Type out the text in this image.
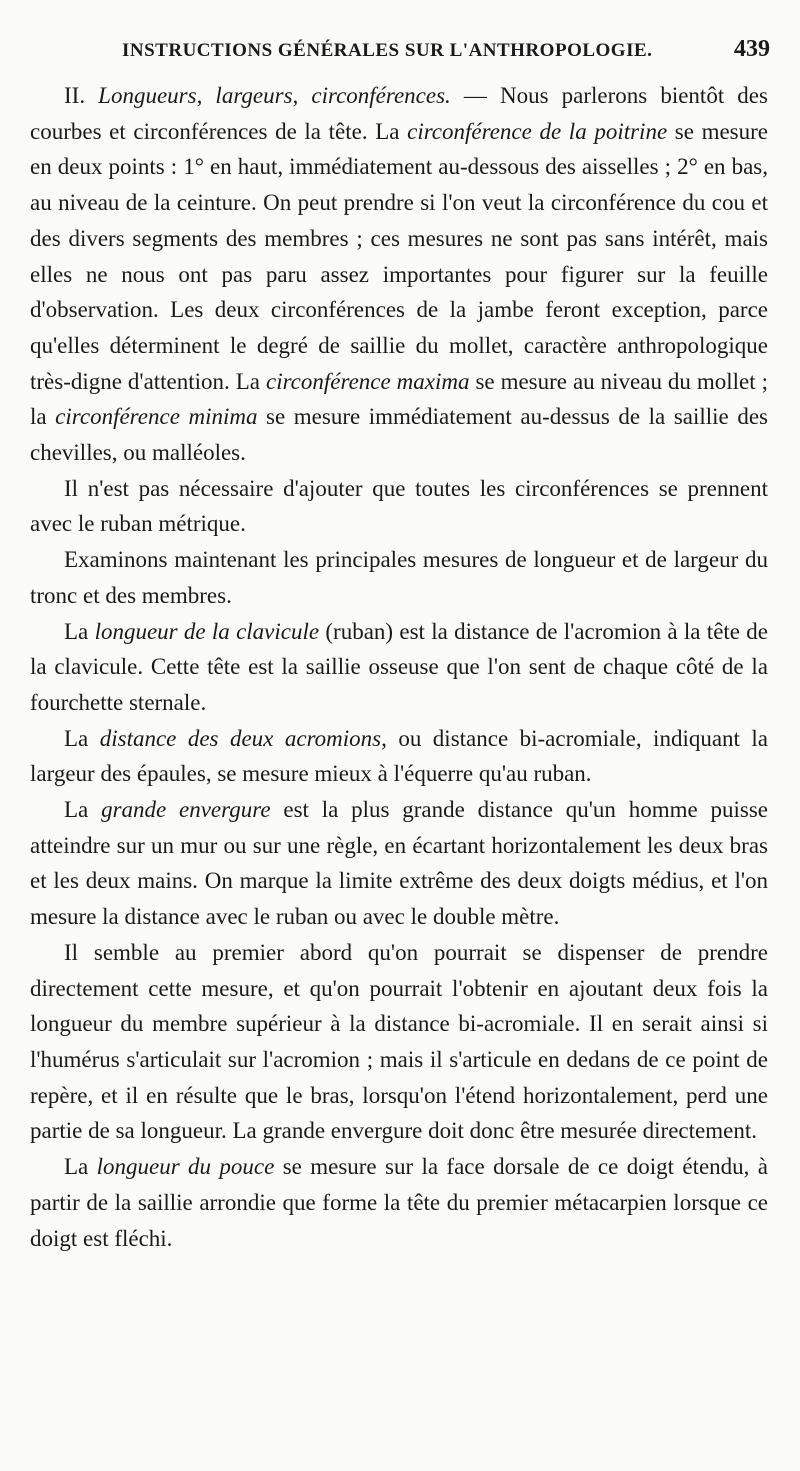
INSTRUCTIONS GÉNÉRALES SUR L'ANTHROPOLOGIE.	439

II. Longueurs, largeurs, circonférences. — Nous parlerons bientôt des courbes et circonférences de la tête. La circonférence de la poitrine se mesure en deux points : 1° en haut, immédiatement au-dessous des aisselles ; 2° en bas, au niveau de la ceinture. On peut prendre si l'on veut la circonférence du cou et des divers segments des membres ; ces mesures ne sont pas sans intérêt, mais elles ne nous ont pas paru assez importantes pour figurer sur la feuille d'observation. Les deux circonférences de la jambe feront exception, parce qu'elles déterminent le degré de saillie du mollet, caractère anthropologique très-digne d'attention. La circonférence maxima se mesure au niveau du mollet ; la circonférence minima se mesure immédiatement au-dessus de la saillie des chevilles, ou malléoles.

Il n'est pas nécessaire d'ajouter que toutes les circonférences se prennent avec le ruban métrique.

Examinons maintenant les principales mesures de longueur et de largeur du tronc et des membres.

La longueur de la clavicule (ruban) est la distance de l'acromion à la tête de la clavicule. Cette tête est la saillie osseuse que l'on sent de chaque côté de la fourchette sternale.

La distance des deux acromions, ou distance bi-acromiale, indiquant la largeur des épaules, se mesure mieux à l'équerre qu'au ruban.

La grande envergure est la plus grande distance qu'un homme puisse atteindre sur un mur ou sur une règle, en écartant horizontalement les deux bras et les deux mains. On marque la limite extrême des deux doigts médius, et l'on mesure la distance avec le ruban ou avec le double mètre.

Il semble au premier abord qu'on pourrait se dispenser de prendre directement cette mesure, et qu'on pourrait l'obtenir en ajoutant deux fois la longueur du membre supérieur à la distance bi-acromiale. Il en serait ainsi si l'humérus s'articulait sur l'acromion ; mais il s'articule en dedans de ce point de repère, et il en résulte que le bras, lorsqu'on l'étend horizontalement, perd une partie de sa longueur. La grande envergure doit donc être mesurée directement.

La longueur du pouce se mesure sur la face dorsale de ce doigt étendu, à partir de la saillie arrondie que forme la tête du premier métacarpien lorsque ce doigt est fléchi.
